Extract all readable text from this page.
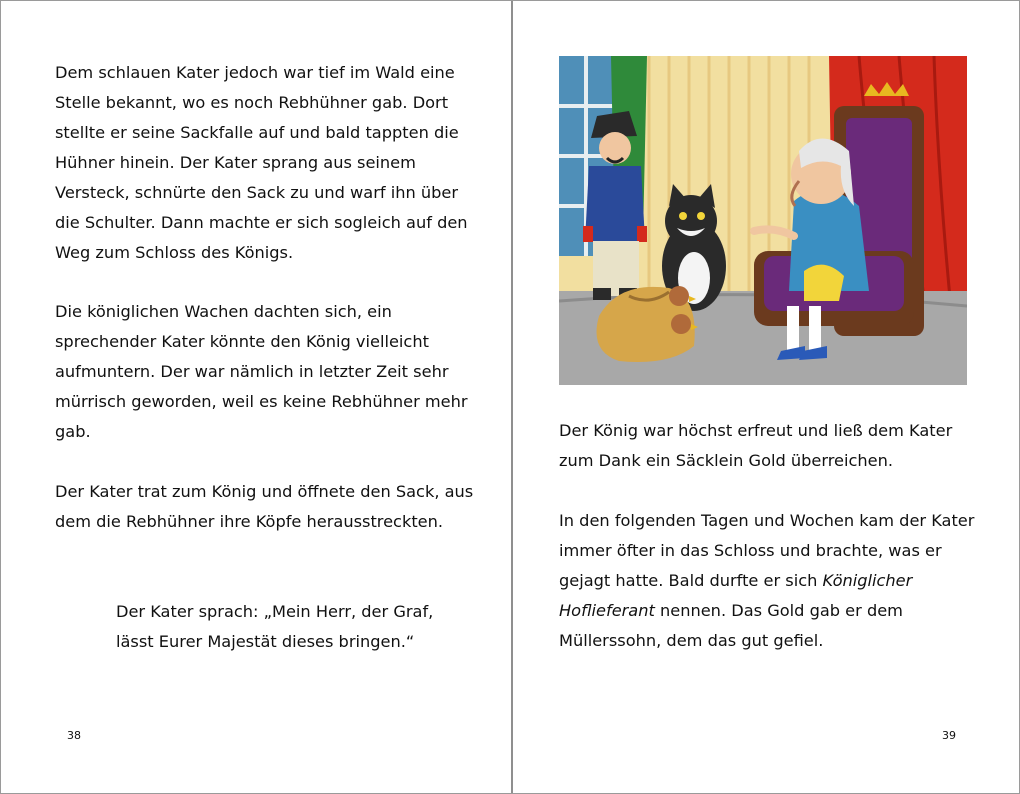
Dem schlauen Kater jedoch war tief im Wald eine Stelle bekannt, wo es noch Rebhühner gab. Dort stellte er seine Sackfalle auf und bald tappten die Hühner hinein. Der Kater sprang aus seinem Versteck, schnürte den Sack zu und warf ihn über die Schulter. Dann machte er sich sogleich auf den Weg zum Schloss des Königs.

Die königlichen Wachen dachten sich, ein sprechender Kater könnte den König vielleicht aufmuntern. Der war nämlich in letzter Zeit sehr mürrisch geworden, weil es keine Rebhühner mehr gab.

Der Kater trat zum König und öffnete den Sack, aus dem die Rebhühner ihre Köpfe herausstreckten.

Der Kater sprach: „Mein Herr, der Graf,

lässt Eurer Majestät dieses bringen.“

38

Der König war höchst erfreut und ließ dem Kater zum Dank ein Säcklein Gold überreichen.

In den folgenden Tagen und Wochen kam der Kater immer öfter in das Schloss und brachte, was er gejagt hatte. Bald durfte er sich Königlicher Hoflieferant nennen. Das Gold gab er dem Müllerssohn, dem das gut gefiel.

39
